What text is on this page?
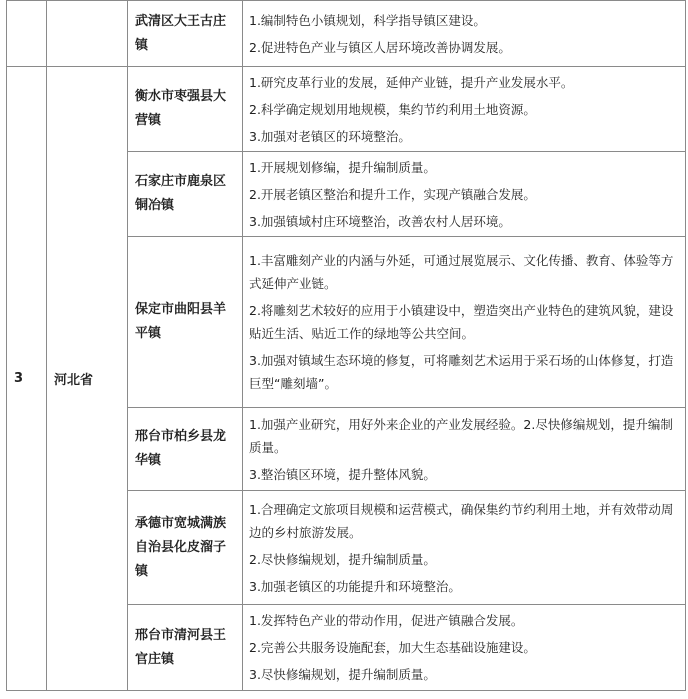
		武清区大王古庄镇	1.编制特色小镇规划，科学指导镇区建设。

2.促进特色产业与镇区人居环境改善协调发展。

3	河北省	衡水市枣强县大营镇	1.研究皮革行业的发展，延伸产业链，提升产业发展水平。

2.科学确定规划用地规模，集约节约利用土地资源。

3.加强对老镇区的环境整治。

		石家庄市鹿泉区铜冶镇	1.开展规划修编，提升编制质量。

2.开展老镇区整治和提升工作，实现产镇融合发展。

3.加强镇域村庄环境整治，改善农村人居环境。

		保定市曲阳县羊平镇	1.丰富雕刻产业的内涵与外延，可通过展览展示、文化传播、教育、体验等方式延伸产业链。

2.将雕刻艺术较好的应用于小镇建设中，塑造突出产业特色的建筑风貌，建设贴近生活、贴近工作的绿地等公共空间。

3.加强对镇域生态环境的修复，可将雕刻艺术运用于采石场的山体修复，打造巨型“雕刻墙”。

		邢台市柏乡县龙华镇	1.加强产业研究，用好外来企业的产业发展经验。2.尽快修编规划，提升编制质量。

3.整治镇区环境，提升整体风貌。

		承德市宽城满族自治县化皮溜子镇	1.合理确定文旅项目规模和运营模式，确保集约节约利用土地，并有效带动周边的乡村旅游发展。

2.尽快修编规划，提升编制质量。

3.加强老镇区的功能提升和环境整治。

		邢台市清河县王官庄镇	1.发挥特色产业的带动作用，促进产镇融合发展。

2.完善公共服务设施配套，加大生态基础设施建设。

3.尽快修编规划，提升编制质量。
